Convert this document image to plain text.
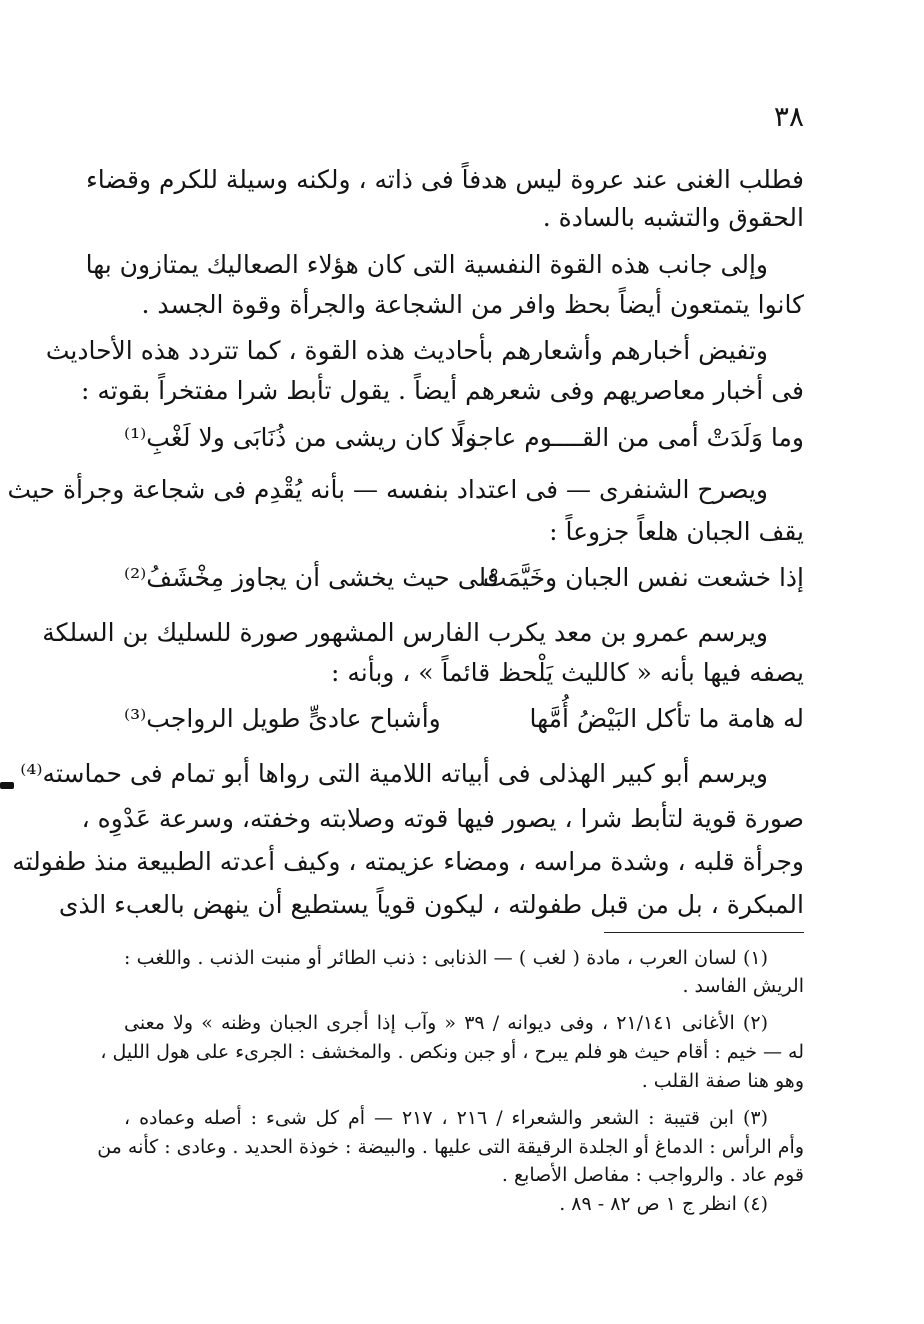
٣٨
فطلب الغنى عند عروة ليس هدفاً فى ذاته ، ولكنه وسيلة للكرم وقضاء
الحقوق والتشبه بالسادة .
وإلى جانب هذه القوة النفسية التى كان هؤلاء الصعاليك يمتازون بها
كانوا يتمتعون أيضاً بحظ وافر من الشجاعة والجرأة وقوة الجسد .
وتفيض أخبارهم وأشعارهم بأحاديث هذه القوة ، كما تتردد هذه الأحاديث
فى أخبار معاصريهم وفى شعرهم أيضاً . يقول تأبط شرا مفتخراً بقوته :
وما وَلَدَتْ أمى من القــــوم عاجزاً
ولا كان ريشى من ذُنَابَى ولا لَغْبِ⁽¹⁾
ويصرح الشنفرى — فى اعتداد بنفسه — بأنه يُقْدِم فى شجاعة وجرأة حيث
يقف الجبان هلعاً جزوعاً :
إذا خشعت نفس الجبان وخَيَّمَتْ
فلى حيث يخشى أن يجاوز مِخْشَفُ⁽²⁾
ويرسم عمرو بن معد يكرب الفارس المشهور صورة للسليك بن السلكة
يصفه فيها بأنه « كالليث يَلْحظ قائماً » ، وبأنه :
له هامة ما تأكل البَيْضُ أُمَّها
وأشباح عادىٍّ طويل الرواجب⁽³⁾
ويرسم أبو كبير الهذلى فى أبياته اللامية التى رواها أبو تمام فى حماسته⁽⁴⁾
صورة قوية لتأبط شرا ، يصور فيها قوته وصلابته وخفته، وسرعة عَدْوِه ،
وجرأة قلبه ، وشدة مراسه ، ومضاء عزيمته ، وكيف أعدته الطبيعة منذ طفولته
المبكرة ، بل من قبل طفولته ، ليكون قوياً يستطيع أن ينهض بالعبء الذى
(١) لسان العرب ، مادة ( لغب ) — الذنابى : ذنب الطائر أو منبت الذنب . واللغب :
الريش الفاسد .
(٢) الأغانى ٢١/١٤١ ، وفى ديوانه / ٣٩ « وآب إذا أجرى الجبان وظنه » ولا معنى
له — خيم : أقام حيث هو فلم يبرح ، أو جبن ونكص . والمخشف : الجرىء على هول الليل ،
وهو هنا صفة القلب .
(٣) ابن قتيبة : الشعر والشعراء / ٢١٦ ، ٢١٧ — أم كل شىء : أصله وعماده ،
وأم الرأس : الدماغ أو الجلدة الرقيقة التى عليها . والبيضة : خوذة الحديد . وعادى : كأنه من
قوم عاد . والرواجب : مفاصل الأصابع .
(٤) انظر ج ١ ص ٨٢ - ٨٩ .
